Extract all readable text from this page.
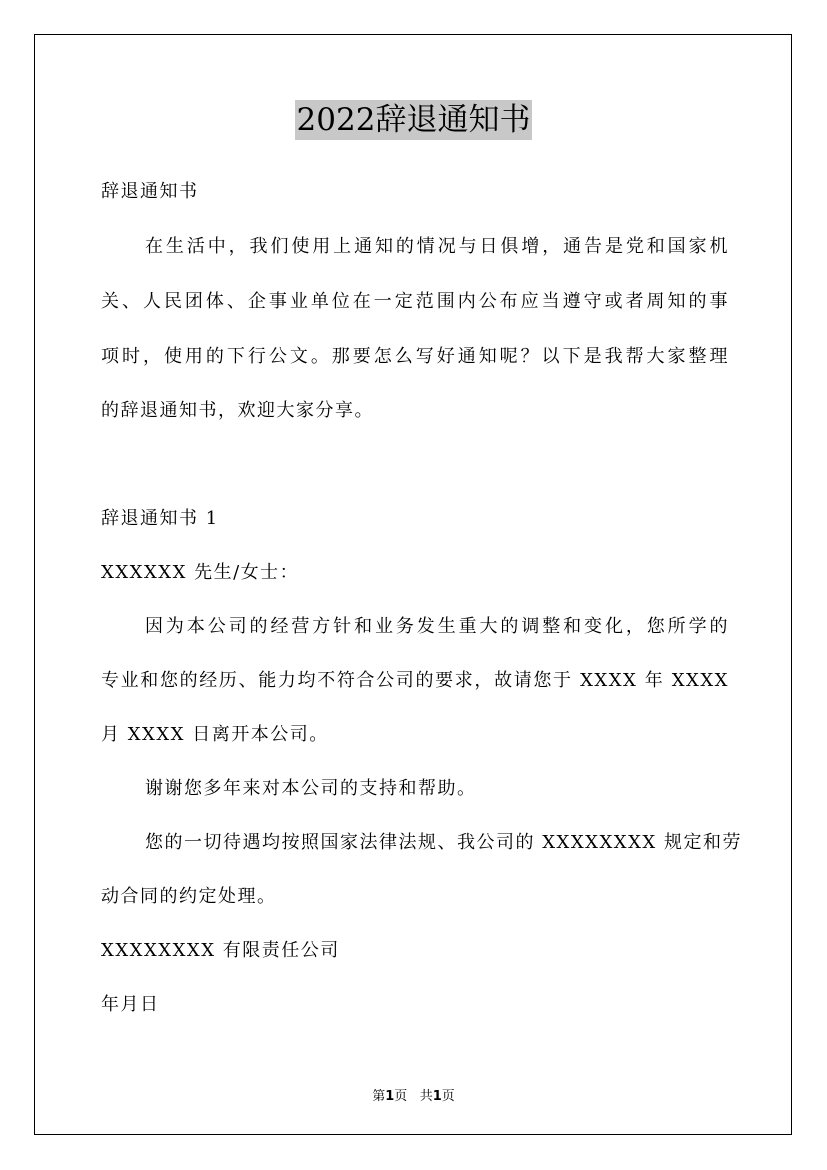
2022辞退通知书
辞退通知书
在生活中，我们使用上通知的情况与日俱增，通告是党和国家机
关、人民团体、企事业单位在一定范围内公布应当遵守或者周知的事
项时，使用的下行公文。那要怎么写好通知呢？以下是我帮大家整理
的辞退通知书，欢迎大家分享。
辞退通知书 1
XXXXXX 先生/女士：
因为本公司的经营方针和业务发生重大的调整和变化，您所学的
专业和您的经历、能力均不符合公司的要求，故请您于 XXXX 年 XXXX
月 XXXX 日离开本公司。
谢谢您多年来对本公司的支持和帮助。
您的一切待遇均按照国家法律法规、我公司的 XXXXXXXX 规定和劳
动合同的约定处理。
XXXXXXXX 有限责任公司
年月日
第1页 共1页
